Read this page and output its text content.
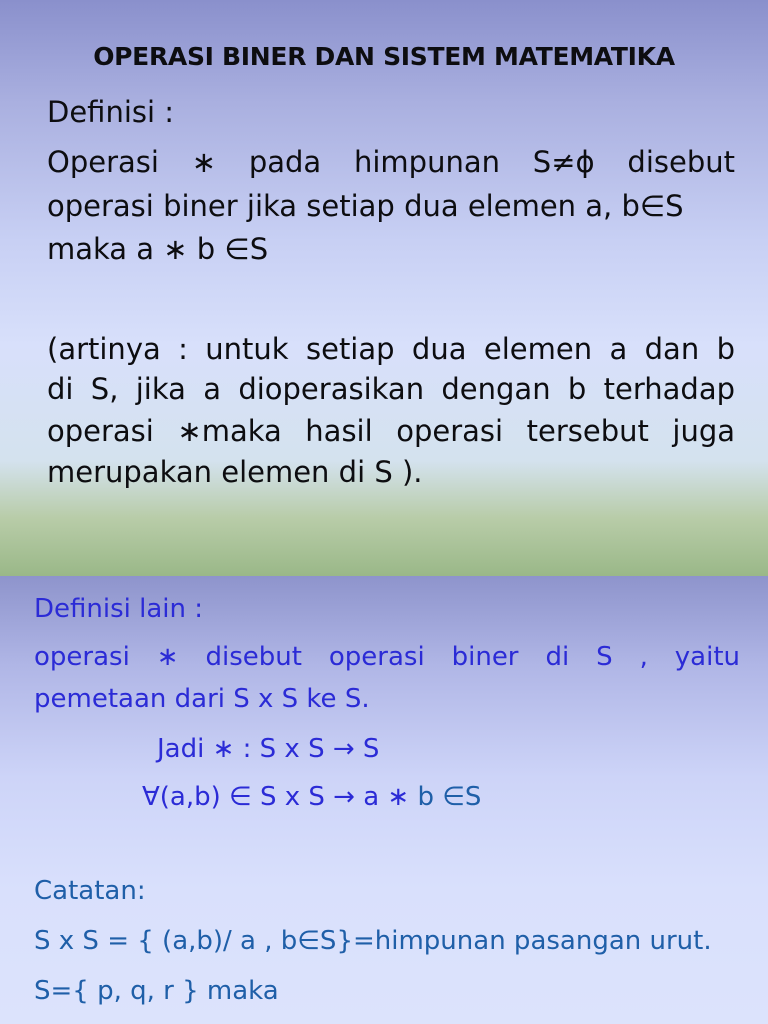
OPERASI BINER DAN SISTEM MATEMATIKA

Definisi :

Operasi ∗ pada himpunan S≠ϕ disebut

operasi biner jika setiap dua elemen a, b∈S

maka a ∗ b ∈S

(artinya : untuk setiap dua elemen a dan b

di S, jika a dioperasikan dengan b terhadap

operasi ∗maka hasil operasi tersebut juga

merupakan elemen di S ).

Definisi lain :

operasi ∗ disebut operasi biner di S , yaitu

pemetaan dari S x S ke S.

Jadi ∗ : S x S → S

∀(a,b) ∈ S x S → a ∗ b ∈S

Catatan:

S x S = { (a,b)/ a , b∈S}=himpunan pasangan urut.

S={ p, q, r } maka
